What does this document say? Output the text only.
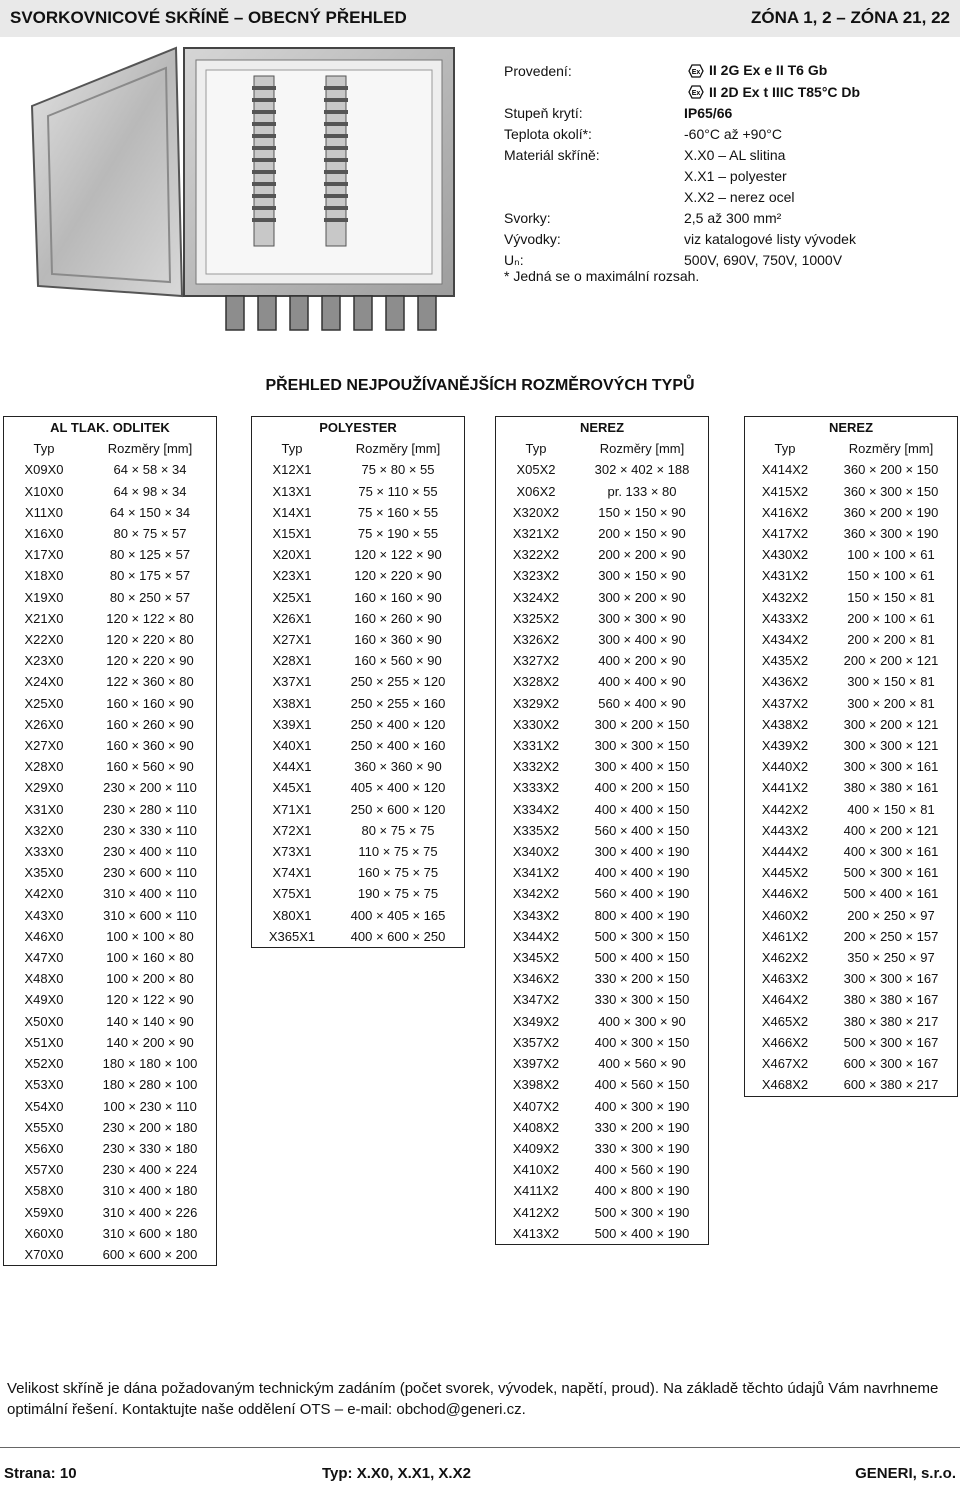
SVORKOVNICOVÉ SKŘÍNĚ – OBECNÝ PŘEHLED	ZÓNA 1, 2 – ZÓNA 21, 22
Provedení:	Ex II 2G Ex e II T6 Gb

Ex II 2D Ex t IIIC T85°C Db
Stupeň krytí:	IP65/66
Teplota okolí*:	-60°C až +90°C
Materiál skříně:	X.X0 – AL slitina
X.X1 – polyester
X.X2 – nerez ocel
Svorky:	2,5 až 300 mm²
Vývodky:	viz katalogové listy vývodek
Uₙ:	500V, 690V, 750V, 1000V
* Jedná se o maximální rozsah.
PŘEHLED NEJPOUŽÍVANĚJŠÍCH ROZMĚROVÝCH TYPŮ
AL TLAK. ODLITEK	
Typ	Rozměry [mm]
X09X0	64 × 58 × 34
X10X0	64 × 98 × 34
X11X0	64 × 150 × 34
X16X0	80 × 75 × 57
X17X0	80 × 125 × 57
X18X0	80 × 175 × 57
X19X0	80 × 250 × 57
X21X0	120 × 122 × 80
X22X0	120 × 220 × 80
X23X0	120 × 220 × 90
X24X0	122 × 360 × 80
X25X0	160 × 160 × 90
X26X0	160 × 260 × 90
X27X0	160 × 360 × 90
X28X0	160 × 560 × 90
X29X0	230 × 200 × 110
X31X0	230 × 280 × 110
X32X0	230 × 330 × 110
X33X0	230 × 400 × 110
X35X0	230 × 600 × 110
X42X0	310 × 400 × 110
X43X0	310 × 600 × 110
X46X0	100 × 100 × 80
X47X0	100 × 160 × 80
X48X0	100 × 200 × 80
X49X0	120 × 122 × 90
X50X0	140 × 140 × 90
X51X0	140 × 200 × 90
X52X0	180 × 180 × 100
X53X0	180 × 280 × 100
X54X0	100 × 230 × 110
X55X0	230 × 200 × 180
X56X0	230 × 330 × 180
X57X0	230 × 400 × 224
X58X0	310 × 400 × 180
X59X0	310 × 400 × 226
X60X0	310 × 600 × 180
X70X0	600 × 600 × 200
POLYESTER	
Typ	Rozměry [mm]
X12X1	75 × 80 × 55
X13X1	75 × 110 × 55
X14X1	75 × 160 × 55
X15X1	75 × 190 × 55
X20X1	120 × 122 × 90
X23X1	120 × 220 × 90
X25X1	160 × 160 × 90
X26X1	160 × 260 × 90
X27X1	160 × 360 × 90
X28X1	160 × 560 × 90
X37X1	250 × 255 × 120
X38X1	250 × 255 × 160
X39X1	250 × 400 × 120
X40X1	250 × 400 × 160
X44X1	360 × 360 × 90
X45X1	405 × 400 × 120
X71X1	250 × 600 × 120
X72X1	80 × 75 × 75
X73X1	110 × 75 × 75
X74X1	160 × 75 × 75
X75X1	190 × 75 × 75
X80X1	400 × 405 × 165
X365X1	400 × 600 × 250
NEREZ	
Typ	Rozměry [mm]
X05X2	302 × 402 × 188
X06X2	pr. 133 × 80
X320X2	150 × 150 × 90
X321X2	200 × 150 × 90
X322X2	200 × 200 × 90
X323X2	300 × 150 × 90
X324X2	300 × 200 × 90
X325X2	300 × 300 × 90
X326X2	300 × 400 × 90
X327X2	400 × 200 × 90
X328X2	400 × 400 × 90
X329X2	560 × 400 × 90
X330X2	300 × 200 × 150
X331X2	300 × 300 × 150
X332X2	300 × 400 × 150
X333X2	400 × 200 × 150
X334X2	400 × 400 × 150
X335X2	560 × 400 × 150
X340X2	300 × 400 × 190
X341X2	400 × 400 × 190
X342X2	560 × 400 × 190
X343X2	800 × 400 × 190
X344X2	500 × 300 × 150
X345X2	500 × 400 × 150
X346X2	330 × 200 × 150
X347X2	330 × 300 × 150
X349X2	400 × 300 × 90
X357X2	400 × 300 × 150
X397X2	400 × 560 × 90
X398X2	400 × 560 × 150
X407X2	400 × 300 × 190
X408X2	330 × 200 × 190
X409X2	330 × 300 × 190
X410X2	400 × 560 × 190
X411X2	400 × 800 × 190
X412X2	500 × 300 × 190
X413X2	500 × 400 × 190
NEREZ	
Typ	Rozměry [mm]
X414X2	360 × 200 × 150
X415X2	360 × 300 × 150
X416X2	360 × 200 × 190
X417X2	360 × 300 × 190
X430X2	100 × 100 × 61
X431X2	150 × 100 × 61
X432X2	150 × 150 × 81
X433X2	200 × 100 × 61
X434X2	200 × 200 × 81
X435X2	200 × 200 × 121
X436X2	300 × 150 × 81
X437X2	300 × 200 × 81
X438X2	300 × 200 × 121
X439X2	300 × 300 × 121
X440X2	300 × 300 × 161
X441X2	380 × 380 × 161
X442X2	400 × 150 × 81
X443X2	400 × 200 × 121
X444X2	400 × 300 × 161
X445X2	500 × 300 × 161
X446X2	500 × 400 × 161
X460X2	200 × 250 × 97
X461X2	200 × 250 × 157
X462X2	350 × 250 × 97
X463X2	300 × 300 × 167
X464X2	380 × 380 × 167
X465X2	380 × 380 × 217
X466X2	500 × 300 × 167
X467X2	600 × 300 × 167
X468X2	600 × 380 × 217
Velikost skříně je dána požadovaným technickým zadáním (počet svorek, vývodek, napětí, proud). Na základě těchto údajů Vám navrhneme optimální řešení. Kontaktujte naše oddělení OTS – e-mail: obchod@generi.cz.
Strana: 10	Typ: X.X0, X.X1, X.X2	GENERI, s.r.o.
